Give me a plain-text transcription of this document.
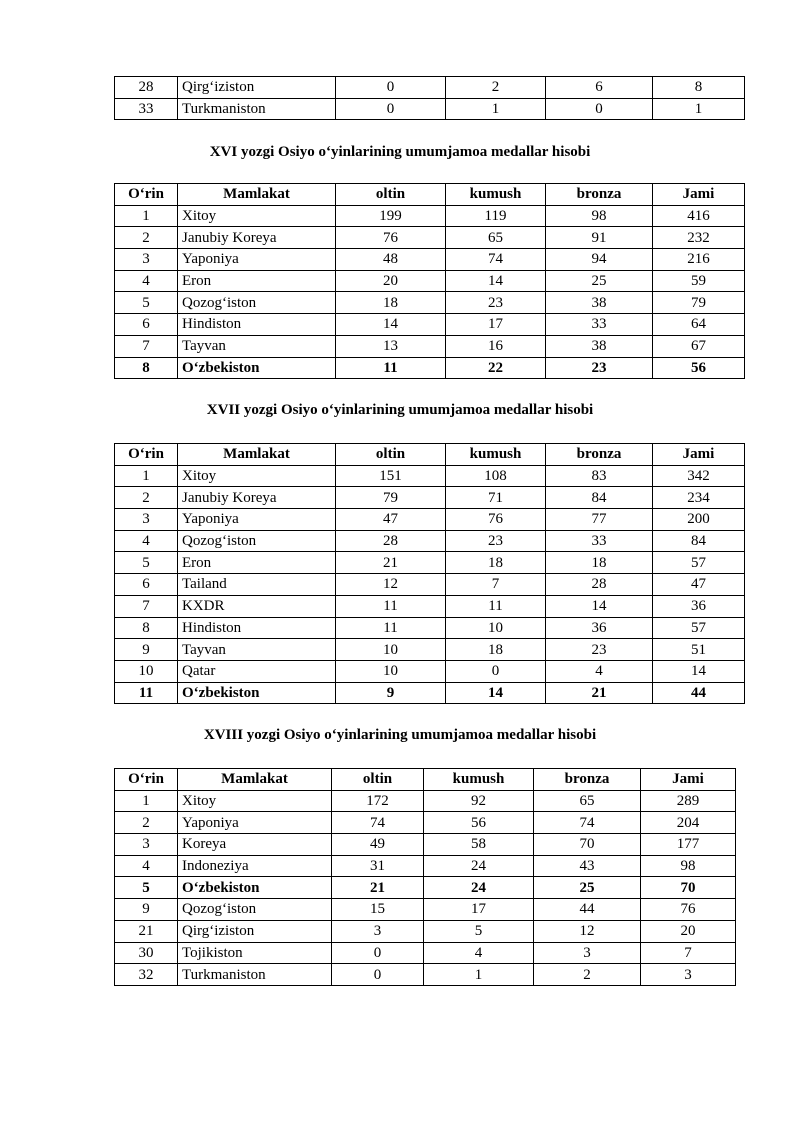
28	Qirg‘iziston	0	2	6	8
33	Turkmaniston	0	1	0	1
XVI yozgi Osiyo o‘yinlarining umumjamoa medallar hisobi
O‘rin	Mamlakat	oltin	kumush	bronza	Jami
1	Xitoy	199	119	98	416
2	Janubiy Koreya	76	65	91	232
3	Yaponiya	48	74	94	216
4	Eron	20	14	25	59
5	Qozog‘iston	18	23	38	79
6	Hindiston	14	17	33	64
7	Tayvan	13	16	38	67
8	O‘zbekiston	11	22	23	56
XVII yozgi Osiyo o‘yinlarining umumjamoa medallar hisobi
O‘rin	Mamlakat	oltin	kumush	bronza	Jami
1	Xitoy	151	108	83	342
2	Janubiy Koreya	79	71	84	234
3	Yaponiya	47	76	77	200
4	Qozog‘iston	28	23	33	84
5	Eron	21	18	18	57
6	Tailand	12	7	28	47
7	KXDR	11	11	14	36
8	Hindiston	11	10	36	57
9	Tayvan	10	18	23	51
10	Qatar	10	0	4	14
11	O‘zbekiston	9	14	21	44
XVIII yozgi Osiyo o‘yinlarining umumjamoa medallar hisobi
O‘rin	Mamlakat	oltin	kumush	bronza	Jami
1	Xitoy	172	92	65	289
2	Yaponiya	74	56	74	204
3	Koreya	49	58	70	177
4	Indoneziya	31	24	43	98
5	O‘zbekiston	21	24	25	70
9	Qozog‘iston	15	17	44	76
21	Qirg‘iziston	3	5	12	20
30	Tojikiston	0	4	3	7
32	Turkmaniston	0	1	2	3
